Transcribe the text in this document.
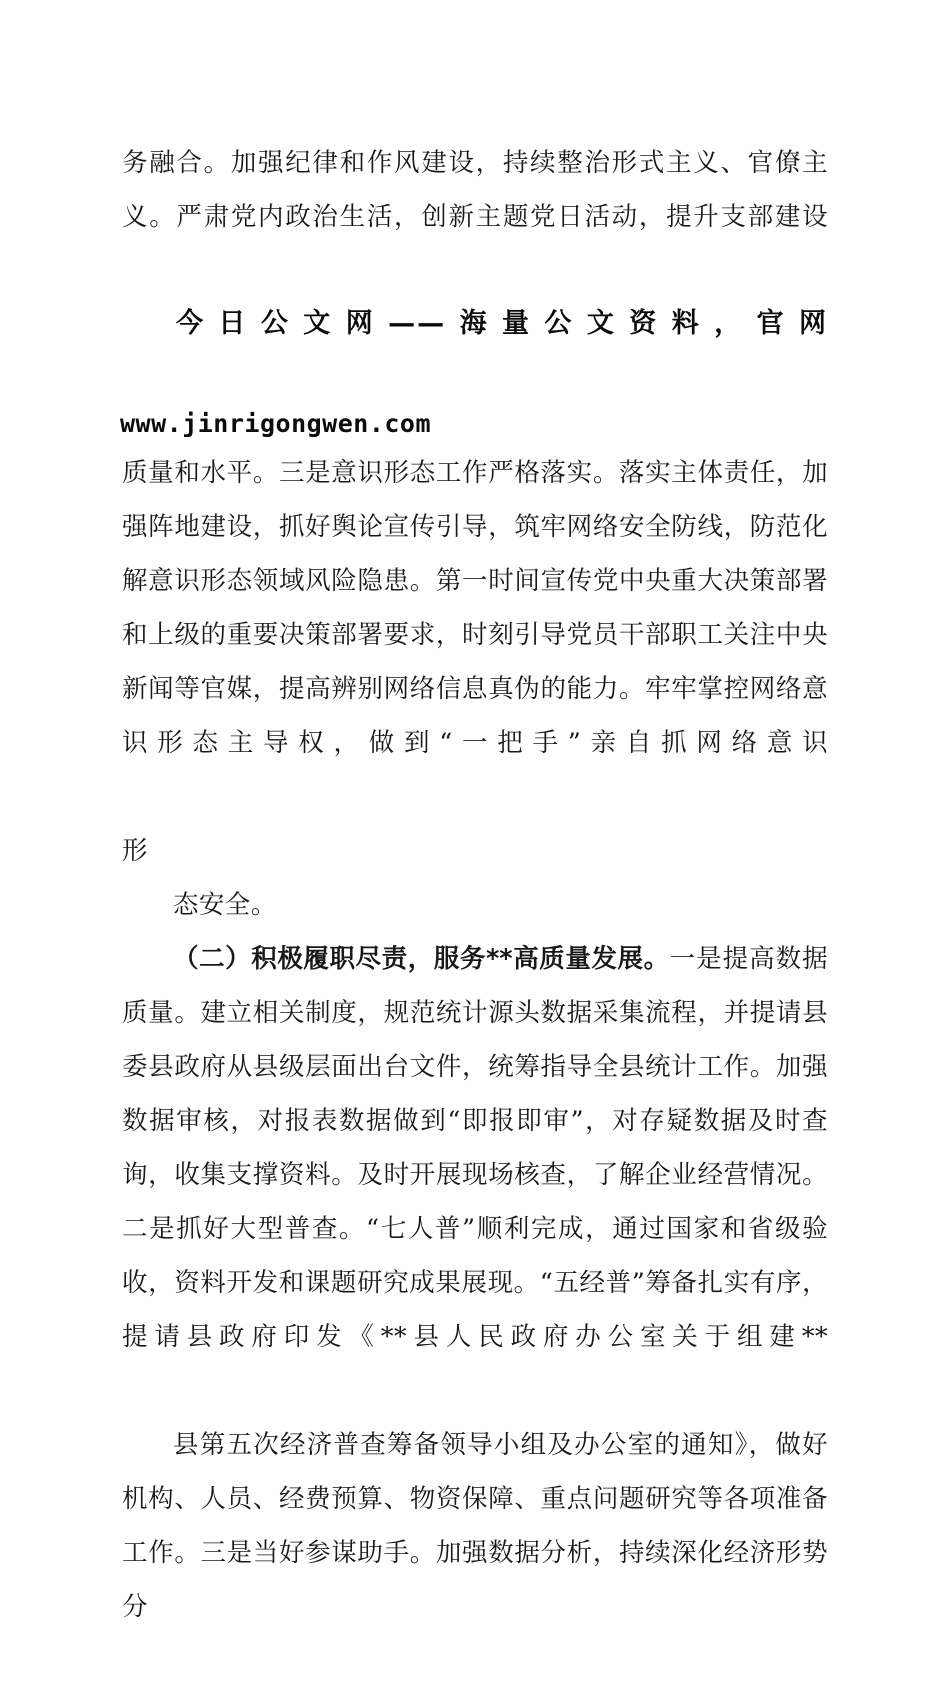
务融合。加强纪律和作风建设，持续整治形式主义、官僚主义。严肃党内政治生活，创新主题党日活动，提升支部建设

今日公文网——海量公文资料，官网

www.jinrigongwen.com

质量和水平。三是意识形态工作严格落实。落实主体责任，加强阵地建设，抓好舆论宣传引导，筑牢网络安全防线，防范化解意识形态领域风险隐患。第一时间宣传党中央重大决策部署和上级的重要决策部署要求，时刻引导党员干部职工关注中央新闻等官媒，提高辨别网络信息真伪的能力。牢牢掌控网络意识形态主导权，做到“一把手”亲自抓网络意识

形

态安全。

（二）积极履职尽责，服务**高质量发展。一是提高数据质量。建立相关制度，规范统计源头数据采集流程，并提请县委县政府从县级层面出台文件，统筹指导全县统计工作。加强数据审核，对报表数据做到“即报即审”，对存疑数据及时查询，收集支撑资料。及时开展现场核查，了解企业经营情况。二是抓好大型普查。“七人普”顺利完成，通过国家和省级验收，资料开发和课题研究成果展现。“五经普”筹备扎实有序，提请县政府印发《**县人民政府办公室关于组建**

县第五次经济普查筹备领导小组及办公室的通知》，做好机构、人员、经费预算、物资保障、重点问题研究等各项准备工作。三是当好参谋助手。加强数据分析，持续深化经济形势分
